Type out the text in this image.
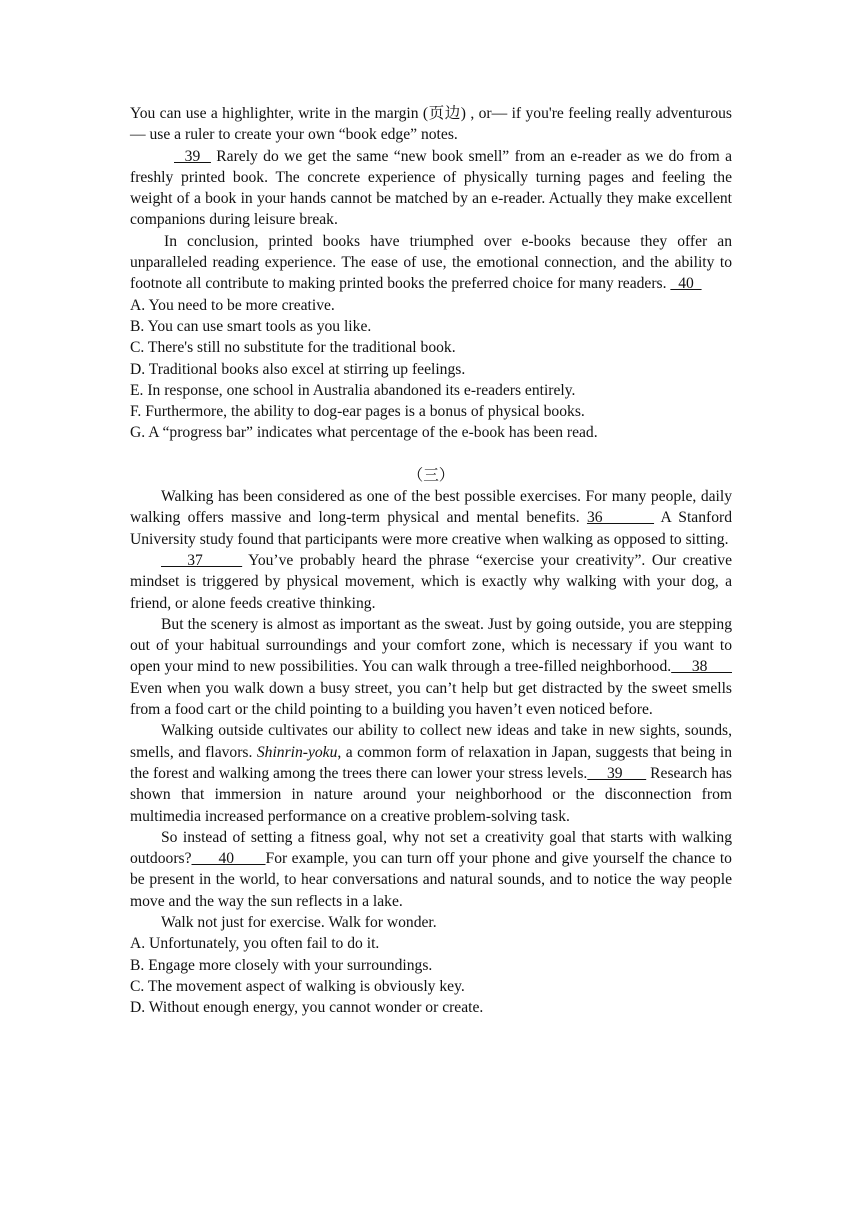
You can use a highlighter, write in the margin (页边) , or— if you're feeling really adventurous— use a ruler to create your own “book edge” notes.

39   Rarely do we get the same “new book smell” from an e-reader as we do from a freshly printed book. The concrete experience of physically turning pages and feeling the weight of a book in your hands cannot be matched by an e-reader. Actually they make excellent companions during leisure break.

In conclusion, printed books have triumphed over e-books because they offer an unparalleled reading experience. The ease of use, the emotional connection, and the ability to footnote all contribute to making printed books the preferred choice for many readers.   40

A. You need to be more creative.

B. You can use smart tools as you like.

C. There's still no substitute for the traditional book.

D. Traditional books also excel at stirring up feelings.

E. In response, one school in Australia abandoned its e-readers entirely.

F. Furthermore, the ability to dog-ear pages is a bonus of physical books.

G. A “progress bar” indicates what percentage of the e-book has been read.

（三）

Walking has been considered as one of the best possible exercises. For many people, daily walking offers massive and long-term physical and mental benefits. 36        A Stanford University study found that participants were more creative when walking as opposed to sitting.

37       You’ve probably heard the phrase “exercise your creativity”. Our creative mindset is triggered by physical movement, which is exactly why walking with your dog, a friend, or alone feeds creative thinking.

But the scenery is almost as important as the sweat. Just by going outside, you are stepping out of your habitual surroundings and your comfort zone, which is necessary if you want to open your mind to new possibilities. You can walk through a tree-filled neighborhood.     38       Even when you walk down a busy street, you can’t help but get distracted by the sweet smells from a food cart or the child pointing to a building you haven’t even noticed before.

Walking outside cultivates our ability to collect new ideas and take in new sights, sounds, smells, and flavors. Shinrin-yoku, a common form of relaxation in Japan, suggests that being in the forest and walking among the trees there can lower your stress levels.     39       Research has shown that immersion in nature around your neighborhood or the disconnection from multimedia increased performance on a creative problem-solving task.

So instead of setting a fitness goal, why not set a creativity goal that starts with walking outdoors?      40       For example, you can turn off your phone and give yourself the chance to be present in the world, to hear conversations and natural sounds, and to notice the way people move and the way the sun reflects in a lake.

Walk not just for exercise. Walk for wonder.

A. Unfortunately, you often fail to do it.

B. Engage more closely with your surroundings.

C. The movement aspect of walking is obviously key.

D. Without enough energy, you cannot wonder or create.
